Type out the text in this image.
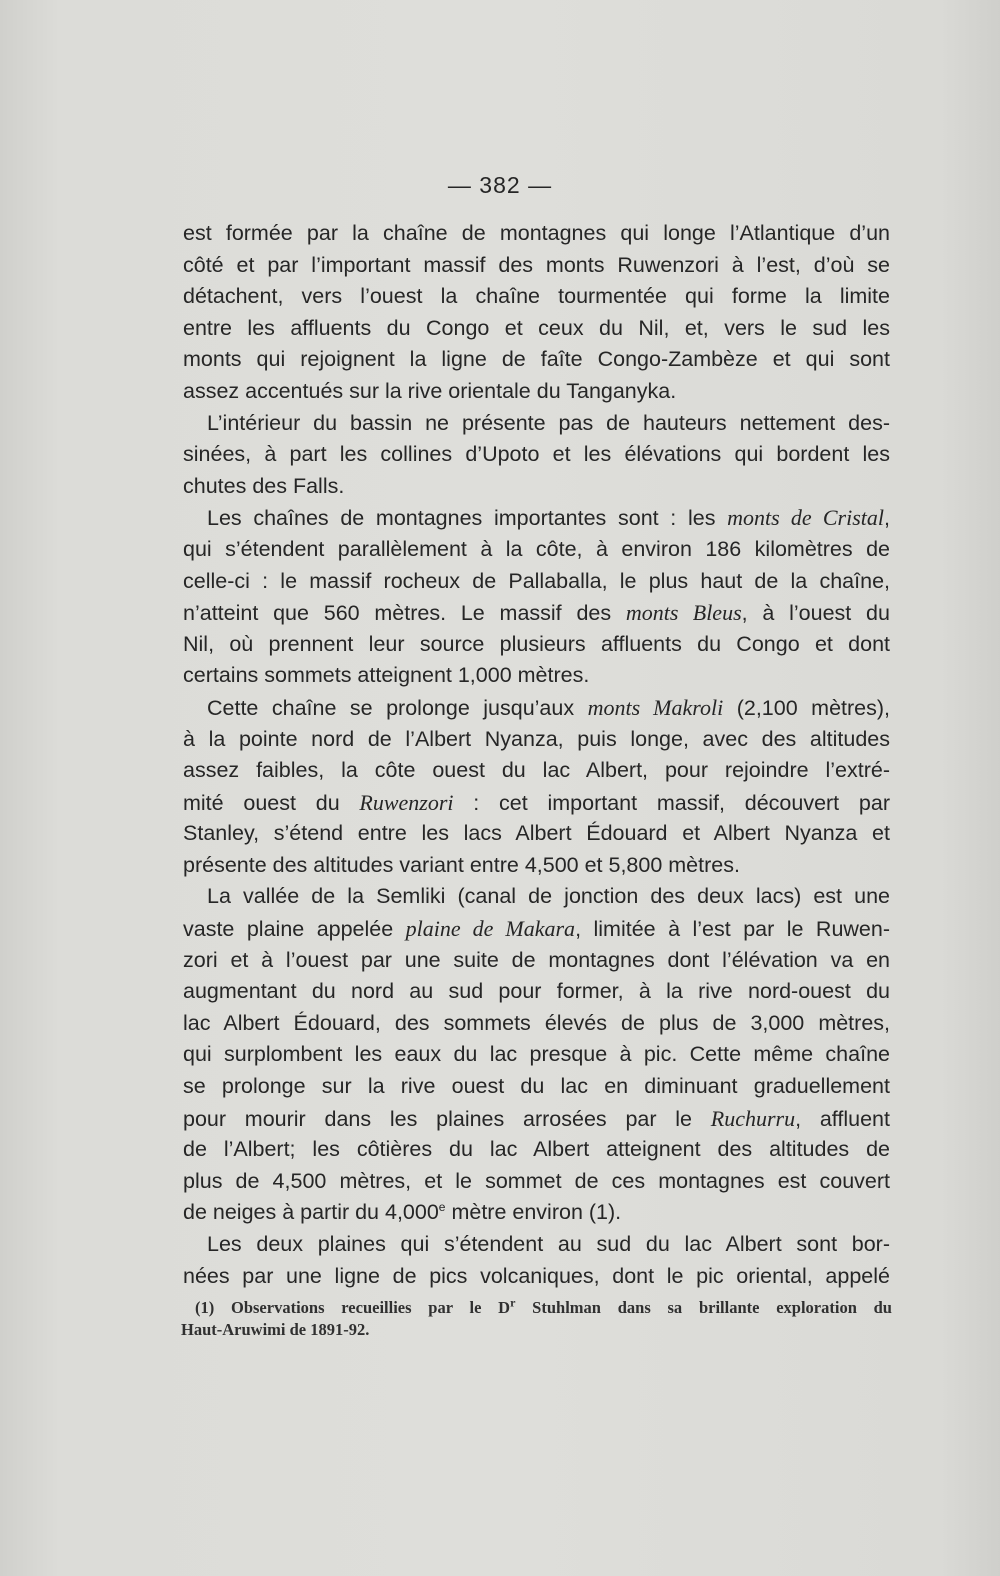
— 382 —
est formée par la chaîne de montagnes qui longe l’Atlantique d’un
côté et par l’important massif des monts Ruwenzori à l’est, d’où se
détachent, vers l’ouest la chaîne tourmentée qui forme la limite
entre les affluents du Congo et ceux du Nil, et, vers le sud les
monts qui rejoignent la ligne de faîte Congo-Zambèze et qui sont
assez accentués sur la rive orientale du Tanganyka.
L’intérieur du bassin ne présente pas de hauteurs nettement des-
sinées, à part les collines d’Upoto et les élévations qui bordent les
chutes des Falls.
Les chaînes de montagnes importantes sont : les monts de Cristal,
qui s’étendent parallèlement à la côte, à environ 186 kilomètres de
celle-ci : le massif rocheux de Pallaballa, le plus haut de la chaîne,
n’atteint que 560 mètres. Le massif des monts Bleus, à l’ouest du
Nil, où prennent leur source plusieurs affluents du Congo et dont
certains sommets atteignent 1,000 mètres.
Cette chaîne se prolonge jusqu’aux monts Makroli (2,100 mètres),
à la pointe nord de l’Albert Nyanza, puis longe, avec des altitudes
assez faibles, la côte ouest du lac Albert, pour rejoindre l’extré-
mité ouest du Ruwenzori : cet important massif, découvert par
Stanley, s’étend entre les lacs Albert Édouard et Albert Nyanza et
présente des altitudes variant entre 4,500 et 5,800 mètres.
La vallée de la Semliki (canal de jonction des deux lacs) est une
vaste plaine appelée plaine de Makara, limitée à l’est par le Ruwen-
zori et à l’ouest par une suite de montagnes dont l’élévation va en
augmentant du nord au sud pour former, à la rive nord-ouest du
lac Albert Édouard, des sommets élevés de plus de 3,000 mètres,
qui surplombent les eaux du lac presque à pic. Cette même chaîne
se prolonge sur la rive ouest du lac en diminuant graduellement
pour mourir dans les plaines arrosées par le Ruchurru, affluent
de l’Albert; les côtières du lac Albert atteignent des altitudes de
plus de 4,500 mètres, et le sommet de ces montagnes est couvert
de neiges à partir du 4,000e mètre environ (1).
Les deux plaines qui s’étendent au sud du lac Albert sont bor-
nées par une ligne de pics volcaniques, dont le pic oriental, appelé
(1) Observations recueillies par le $D^r$ Stuhlman dans sa brillante exploration du
Haut-Aruwimi de 1891-92.
